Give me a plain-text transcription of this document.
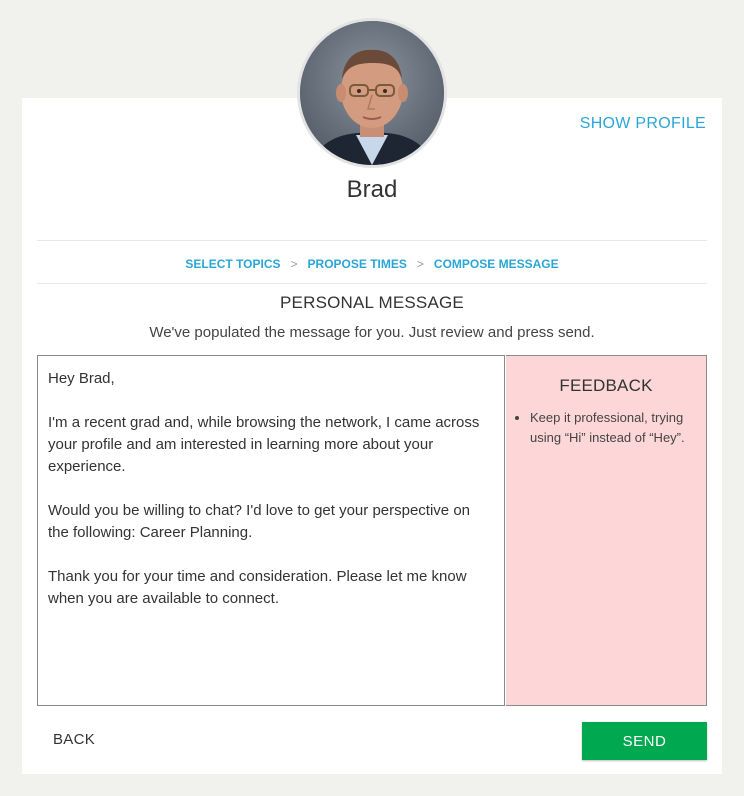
SHOW PROFILE
Brad
SELECT TOPICS > PROPOSE TIMES > COMPOSE MESSAGE
PERSONAL MESSAGE
We've populated the message for you. Just review and press send.
Hey Brad,

I'm a recent grad and, while browsing the network, I came across your profile and am interested in learning more about your experience.

Would you be willing to chat? I'd love to get your perspective on the following: Career Planning.

Thank you for your time and consideration. Please let me know when you are available to connect.
FEEDBACK
• Keep it professional, trying using “Hi” instead of “Hey”.
BACK	SEND
